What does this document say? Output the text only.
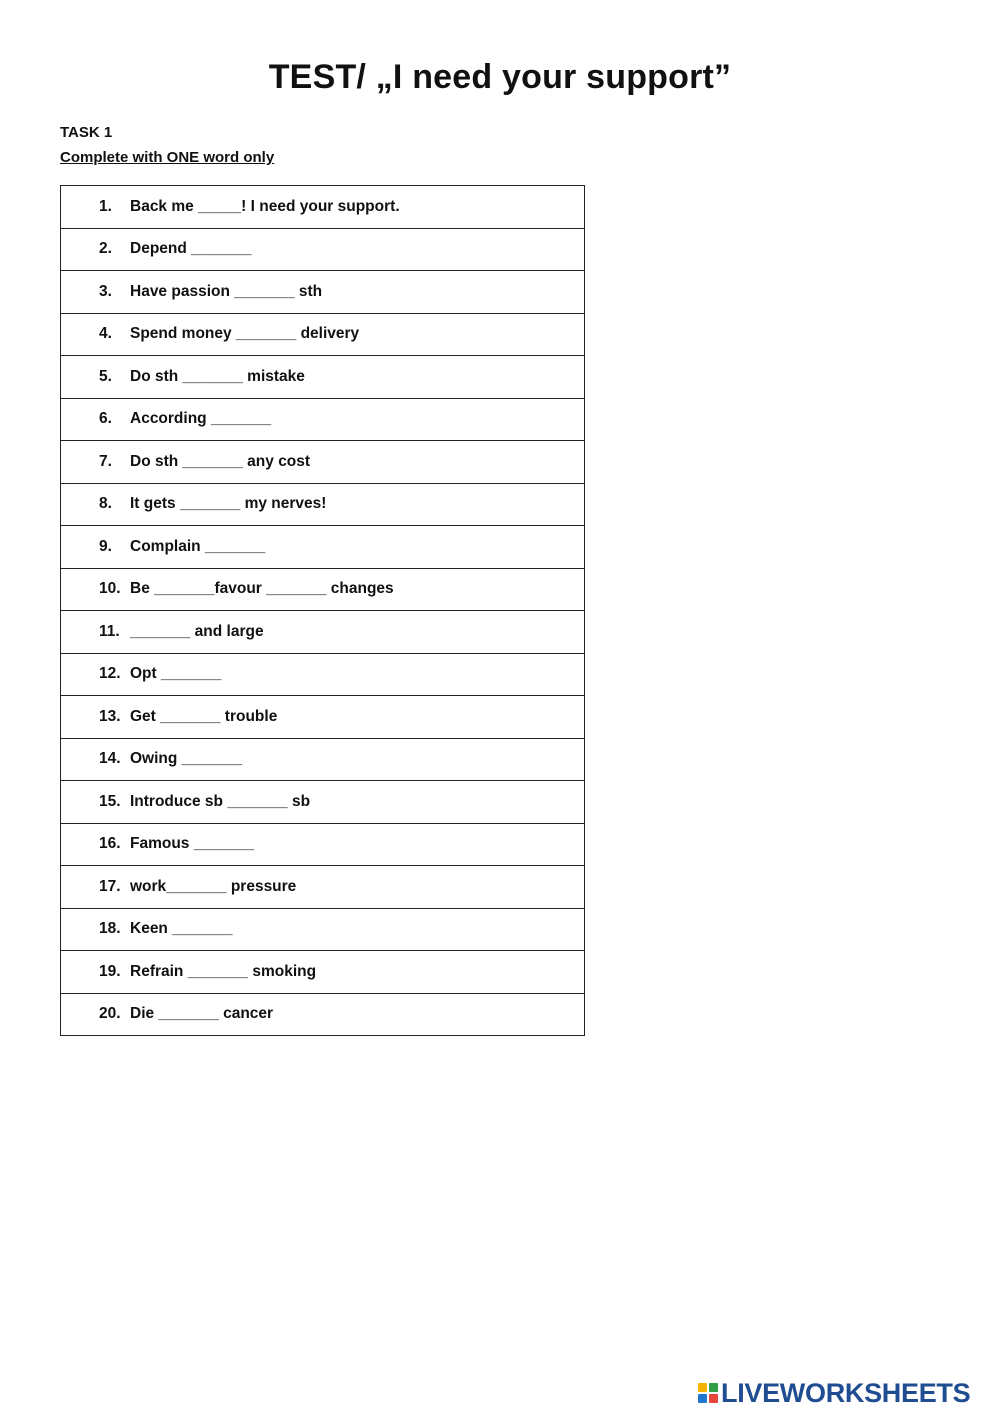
TEST/ „I need your support”
TASK 1
Complete with ONE word only
1. Back me _____! I need your support.
2. Depend _______
3. Have passion _______ sth
4. Spend money _______ delivery
5. Do sth _______ mistake
6. According _______
7. Do sth _______ any cost
8. It gets _______ my nerves!
9. Complain _______
10. Be _______favour _______ changes
11. _______ and large
12. Opt _______
13. Get _______ trouble
14. Owing _______
15. Introduce sb _______ sb
16. Famous _______
17. work_______ pressure
18. Keen _______
19. Refrain _______ smoking
20. Die _______ cancer
LIVEWORKSHEETS
